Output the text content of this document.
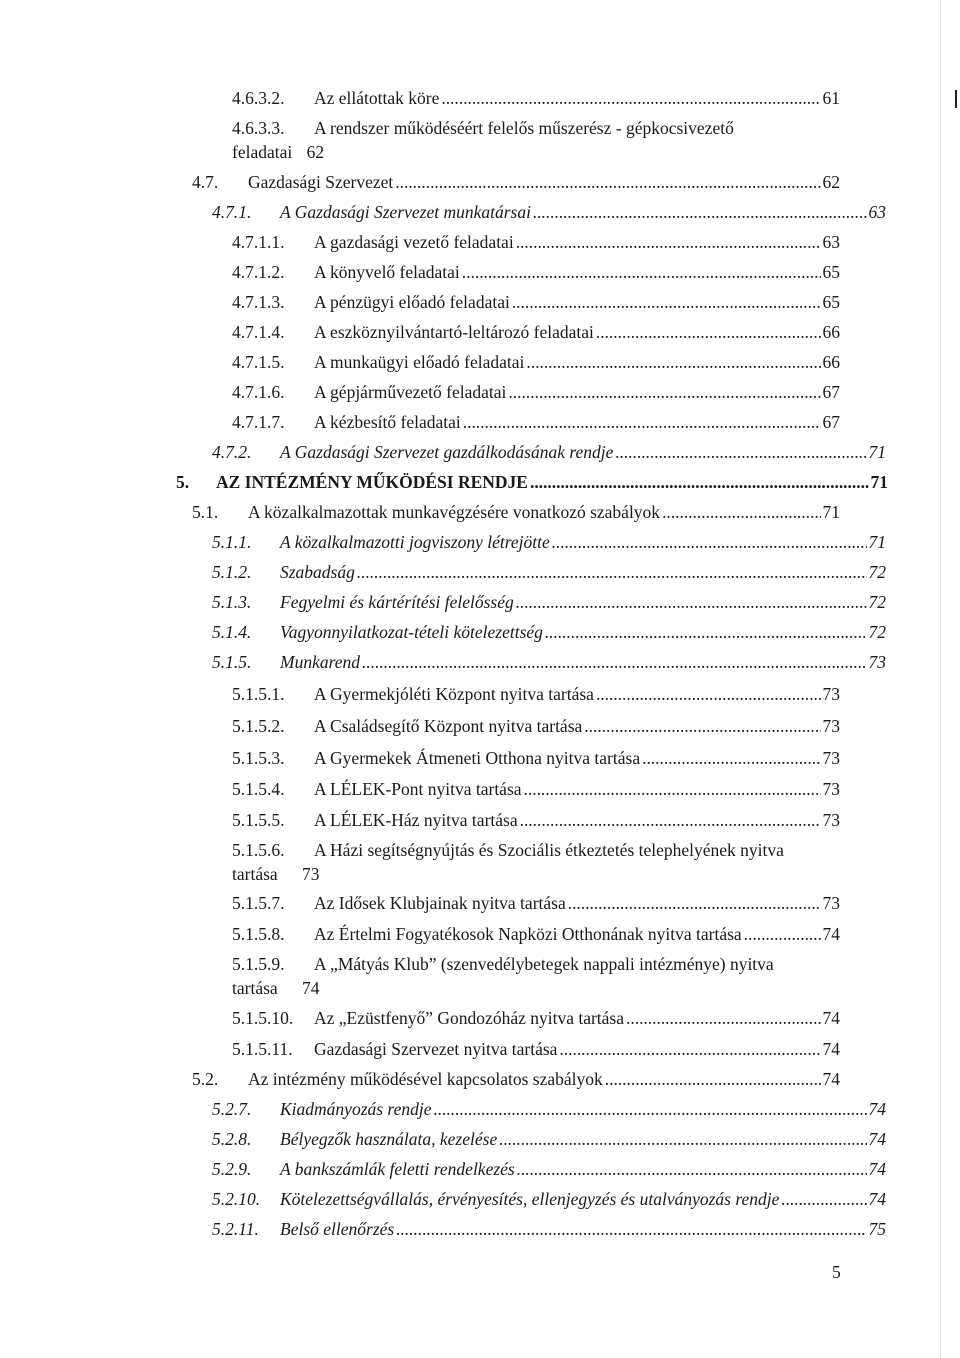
4.6.3.2.	Az ellátottak köre . . .	61
4.6.3.3.	A rendszer működéséért felelős műszerész - gépkocsivezető
feladatai 62
4.7.	Gazdasági Szervezet . . .	62
4.7.1.	A Gazdasági Szervezet munkatársai . . .	63
4.7.1.1.	A gazdasági vezető feladatai . . .	63
4.7.1.2.	A könyvelő feladatai . . .	65
4.7.1.3.	A pénzügyi előadó feladatai . . .	65
4.7.1.4.	A eszköznyilvántartó-leltározó feladatai . . .	66
4.7.1.5.	A munkaügyi előadó feladatai . . .	66
4.7.1.6.	A gépjárművezető feladatai . . .	67
4.7.1.7.	A kézbesítő feladatai . . .	67
4.7.2.	A Gazdasági Szervezet gazdálkodásának rendje . . .	71
5.	AZ INTÉZMÉNY MŰKÖDÉSI RENDJE . . .	71
5.1.	A közalkalmazottak munkavégzésére vonatkozó szabályok . . .	71
5.1.1.	A közalkalmazotti jogviszony létrejötte . . .	71
5.1.2.	Szabadság . . .	72
5.1.3.	Fegyelmi és kártérítési felelősség . . .	72
5.1.4.	Vagyonnyilatkozat-tételi kötelezettség . . .	72
5.1.5.	Munkarend . . .	73
5.1.5.1.	A Gyermekjóléti Központ nyitva tartása . . .	73
5.1.5.2.	A Családsegítő Központ nyitva tartása . . .	73
5.1.5.3.	A Gyermekek Átmeneti Otthona nyitva tartása . . .	73
5.1.5.4.	A LÉLEK-Pont nyitva tartása . . .	73
5.1.5.5.	A LÉLEK-Ház nyitva tartása . . .	73
5.1.5.6.	A Házi segítségnyújtás és Szociális étkeztetés telephelyének nyitva
tartása 73
5.1.5.7.	Az Idősek Klubjainak nyitva tartása . . .	73
5.1.5.8.	Az Értelmi Fogyatékosok Napközi Otthonának nyitva tartása . . .	74
5.1.5.9.	A „Mátyás Klub” (szenvedélybetegek nappali intézménye) nyitva
tartása 74
5.1.5.10.	Az „Ezüstfenyő” Gondozóház nyitva tartása . . .	74
5.1.5.11.	Gazdasági Szervezet nyitva tartása . . .	74
5.2.	Az intézmény működésével kapcsolatos szabályok . . .	74
5.2.7.	Kiadmányozás rendje . . .	74
5.2.8.	Bélyegzők használata, kezelése . . .	74
5.2.9.	A bankszámlák feletti rendelkezés . . .	74
5.2.10.	Kötelezettségvállalás, érvényesítés, ellenjegyzés és utalványozás rendje . . .	74
5.2.11.	Belső ellenőrzés . . .	75
5
